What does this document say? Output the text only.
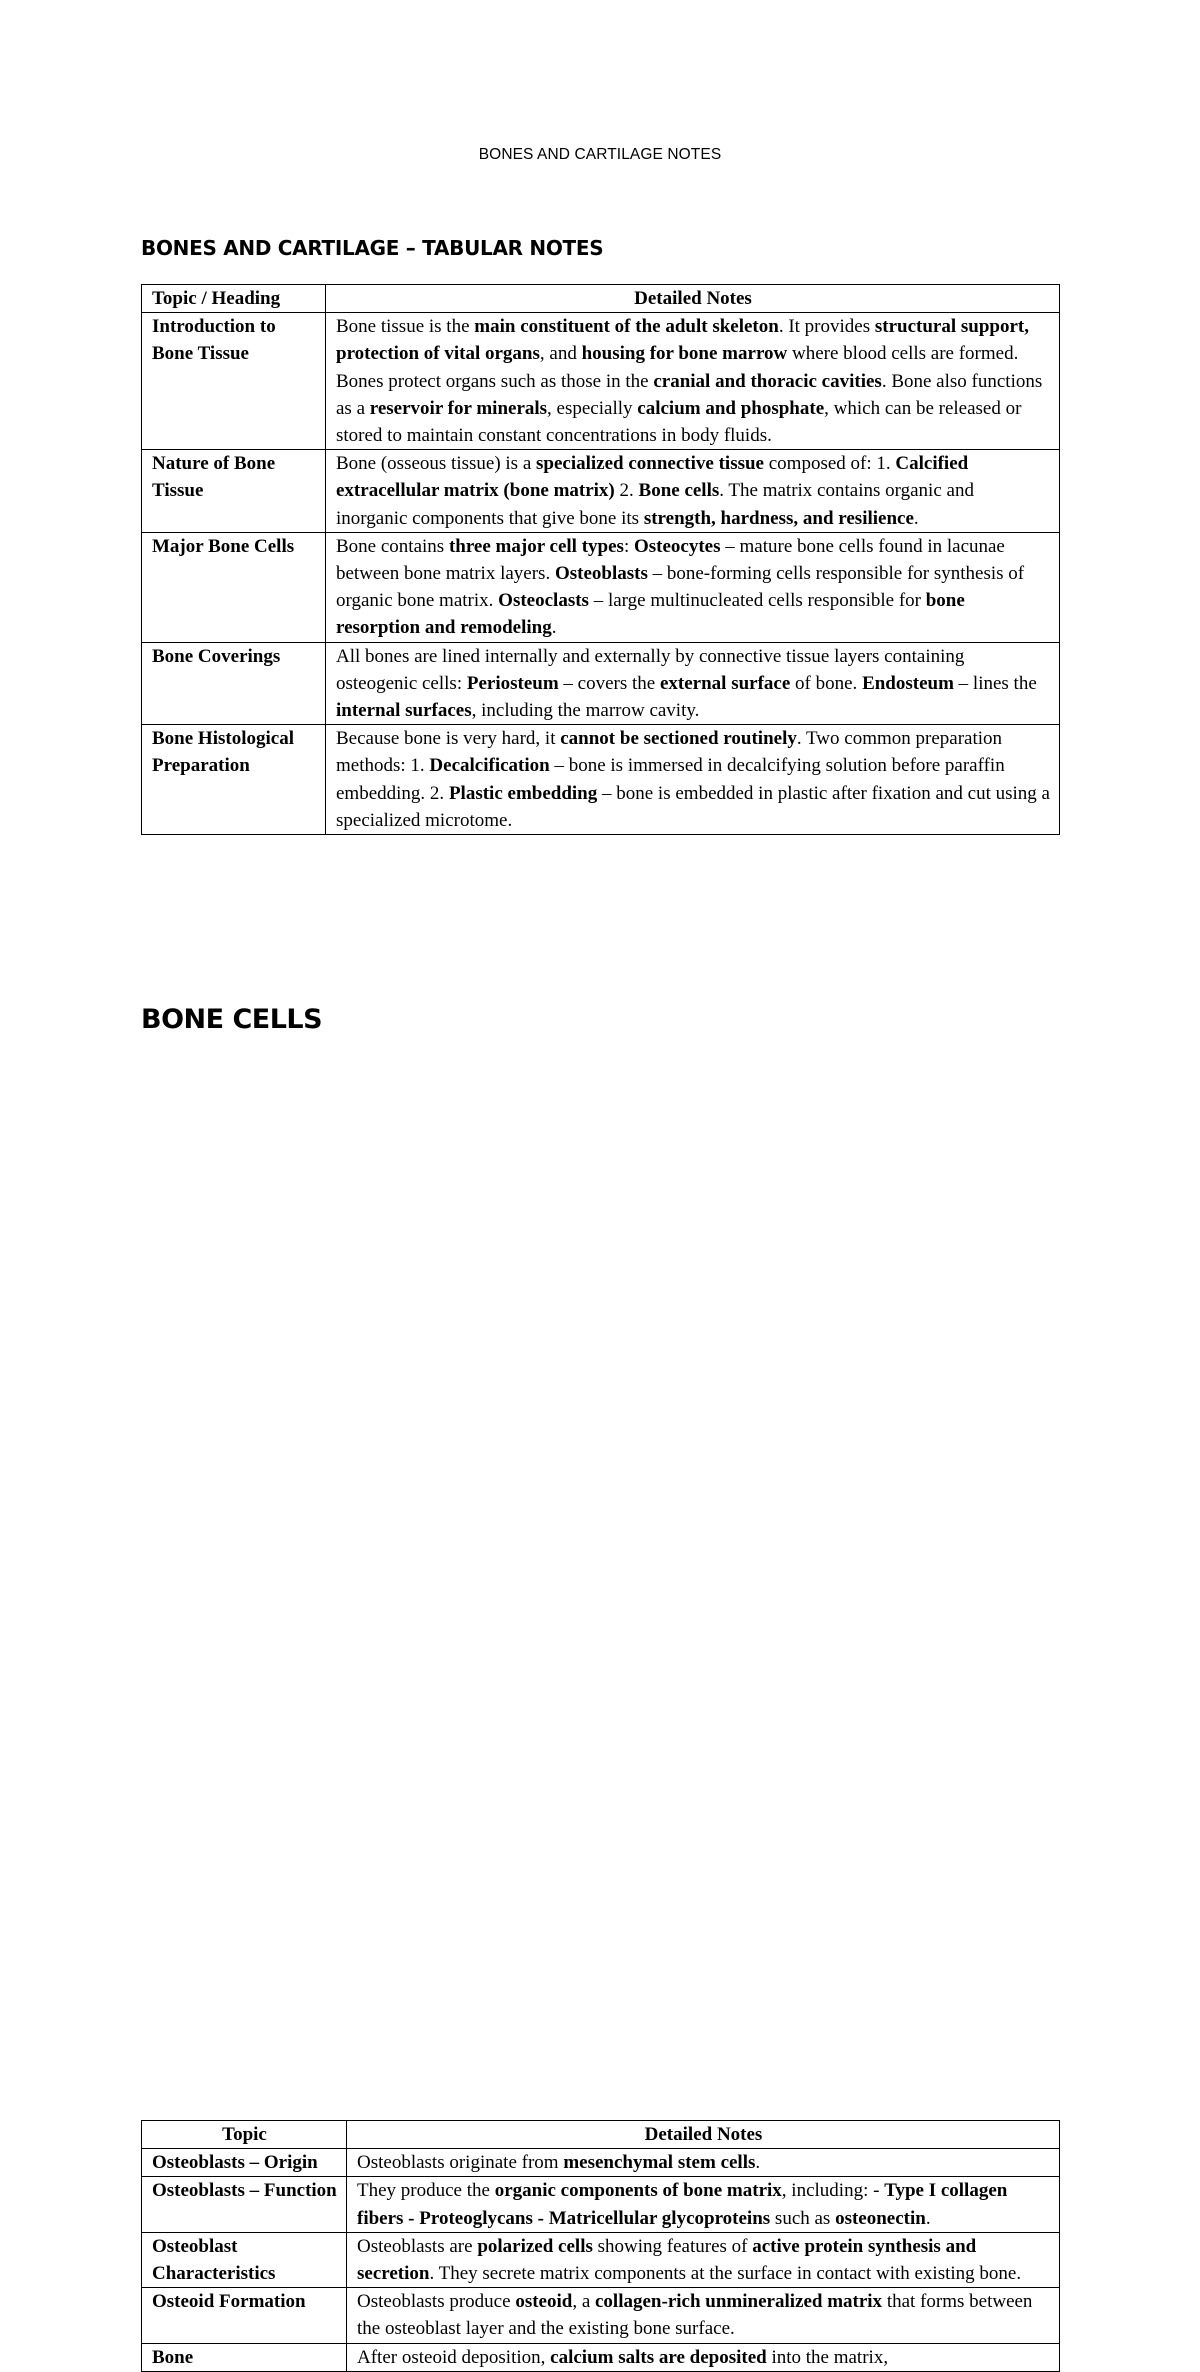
BONES AND CARTILAGE NOTES
BONES AND CARTILAGE – TABULAR NOTES
Topic / Heading	Detailed Notes
Introduction to Bone Tissue	Bone tissue is the main constituent of the adult skeleton. It provides structural support, protection of vital organs, and housing for bone marrow where blood cells are formed. Bones protect organs such as those in the cranial and thoracic cavities. Bone also functions as a reservoir for minerals, especially calcium and phosphate, which can be released or stored to maintain constant concentrations in body fluids.
Nature of Bone Tissue	Bone (osseous tissue) is a specialized connective tissue composed of: 1. Calcified extracellular matrix (bone matrix) 2. Bone cells. The matrix contains organic and inorganic components that give bone its strength, hardness, and resilience.
Major Bone Cells	Bone contains three major cell types: Osteocytes – mature bone cells found in lacunae between bone matrix layers. Osteoblasts – bone-forming cells responsible for synthesis of organic bone matrix. Osteoclasts – large multinucleated cells responsible for bone resorption and remodeling.
Bone Coverings	All bones are lined internally and externally by connective tissue layers containing osteogenic cells: Periosteum – covers the external surface of bone. Endosteum – lines the internal surfaces, including the marrow cavity.
Bone Histological Preparation	Because bone is very hard, it cannot be sectioned routinely. Two common preparation methods: 1. Decalcification – bone is immersed in decalcifying solution before paraffin embedding. 2. Plastic embedding – bone is embedded in plastic after fixation and cut using a specialized microtome.
BONE CELLS
Topic	Detailed Notes
Osteoblasts – Origin	Osteoblasts originate from mesenchymal stem cells.
Osteoblasts – Function	They produce the organic components of bone matrix, including: - Type I collagen fibers - Proteoglycans - Matricellular glycoproteins such as osteonectin.
Osteoblast Characteristics	Osteoblasts are polarized cells showing features of active protein synthesis and secretion. They secrete matrix components at the surface in contact with existing bone.
Osteoid Formation	Osteoblasts produce osteoid, a collagen-rich unmineralized matrix that forms between the osteoblast layer and the existing bone surface.
Bone	After osteoid deposition, calcium salts are deposited into the matrix,
